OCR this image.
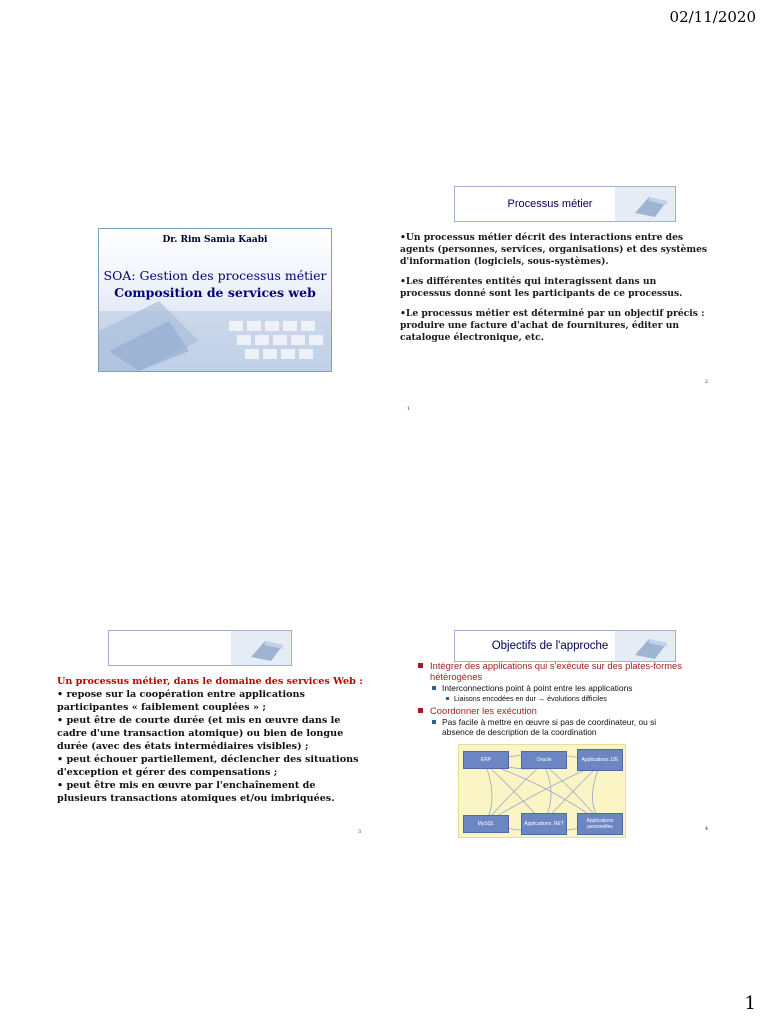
02/11/2020
Dr. Rim Samia Kaabi
SOA: Gestion des processus métier
Composition de services web
1
Processus métier

•Un processus métier décrit des interactions entre des agents (personnes, services, organisations) et des systèmes d'information (logiciels, sous-systèmes).

•Les différentes entités qui interagissent dans un processus donné sont les participants de ce processus.

•Le processus métier est déterminé par un objectif précis : produire une facture d'achat de fournitures, éditer un catalogue électronique, etc.

2
Un processus métier, dans le domaine des services Web :
• repose sur la coopération entre applications participantes « faiblement couplées » ;
• peut être de courte durée (et mis en œuvre dans le cadre d'une transaction atomique) ou bien de longue durée (avec des états intermédiaires visibles) ;
• peut échouer partiellement, déclencher des situations d'exception et gérer des compensations ;
• peut être mis en œuvre par l'enchaînement de plusieurs transactions atomiques et/ou imbriquées.
3
Objectifs de l'approche
Intégrer des applications qui s'exécute sur des plates-formes hétérogènes
Interconnections point à point entre les applications
Liaisons encodées en dur → évolutions difficiles
Coordonner les exécution
Pas facile à mettre en œuvre si pas de coordinateur, ou si absence de description de la coordination
ERP	Oracle	Applications J2E
MySQL	Applications .NET	Applications personelles	4
1
